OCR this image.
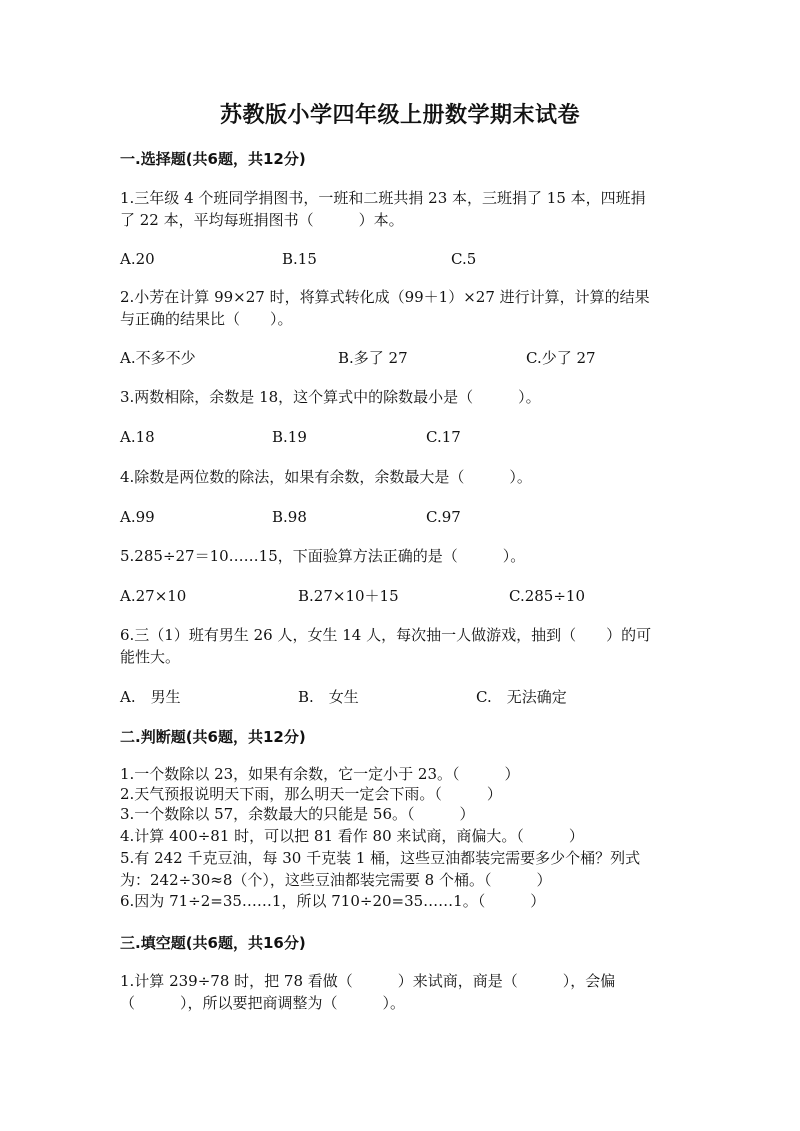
苏教版小学四年级上册数学期末试卷
一.选择题(共6题，共12分)
1.三年级 4 个班同学捐图书，一班和二班共捐 23 本，三班捐了 15 本，四班捐
了 22 本，平均每班捐图书（　　　）本。
A.20	B.15	C.5
2.小芳在计算 99×27 时，将算式转化成（99＋1）×27 进行计算，计算的结果
与正确的结果比（　　）。
A.不多不少	B.多了 27	C.少了 27
3.两数相除，余数是 18，这个算式中的除数最小是（　　　）。
A.18	B.19	C.17
4.除数是两位数的除法，如果有余数，余数最大是（　　　）。
A.99	B.98	C.97
5.285÷27＝10……15，下面验算方法正确的是（　　　）。
A.27×10	B.27×10＋15	C.285÷10
6.三（1）班有男生 26 人，女生 14 人，每次抽一人做游戏，抽到（　　）的可
能性大。
A.　男生	B.　女生	C.　无法确定
二.判断题(共6题，共12分)
1.一个数除以 23，如果有余数，它一定小于 23。（　　　）
2.天气预报说明天下雨，那么明天一定会下雨。（　　　）
3.一个数除以 57，余数最大的只能是 56。（　　　）
4.计算 400÷81 时，可以把 81 看作 80 来试商，商偏大。（　　　）
5.有 242 千克豆油，每 30 千克装 1 桶，这些豆油都装完需要多少个桶？列式
为：242÷30≈8（个），这些豆油都装完需要 8 个桶。（　　　）
6.因为 71÷2=35……1，所以 710÷20=35……1。（　　　）
三.填空题(共6题，共16分)
1.计算 239÷78 时，把 78 看做（　　　）来试商，商是（　　　），会偏
（　　　），所以要把商调整为（　　　）。
